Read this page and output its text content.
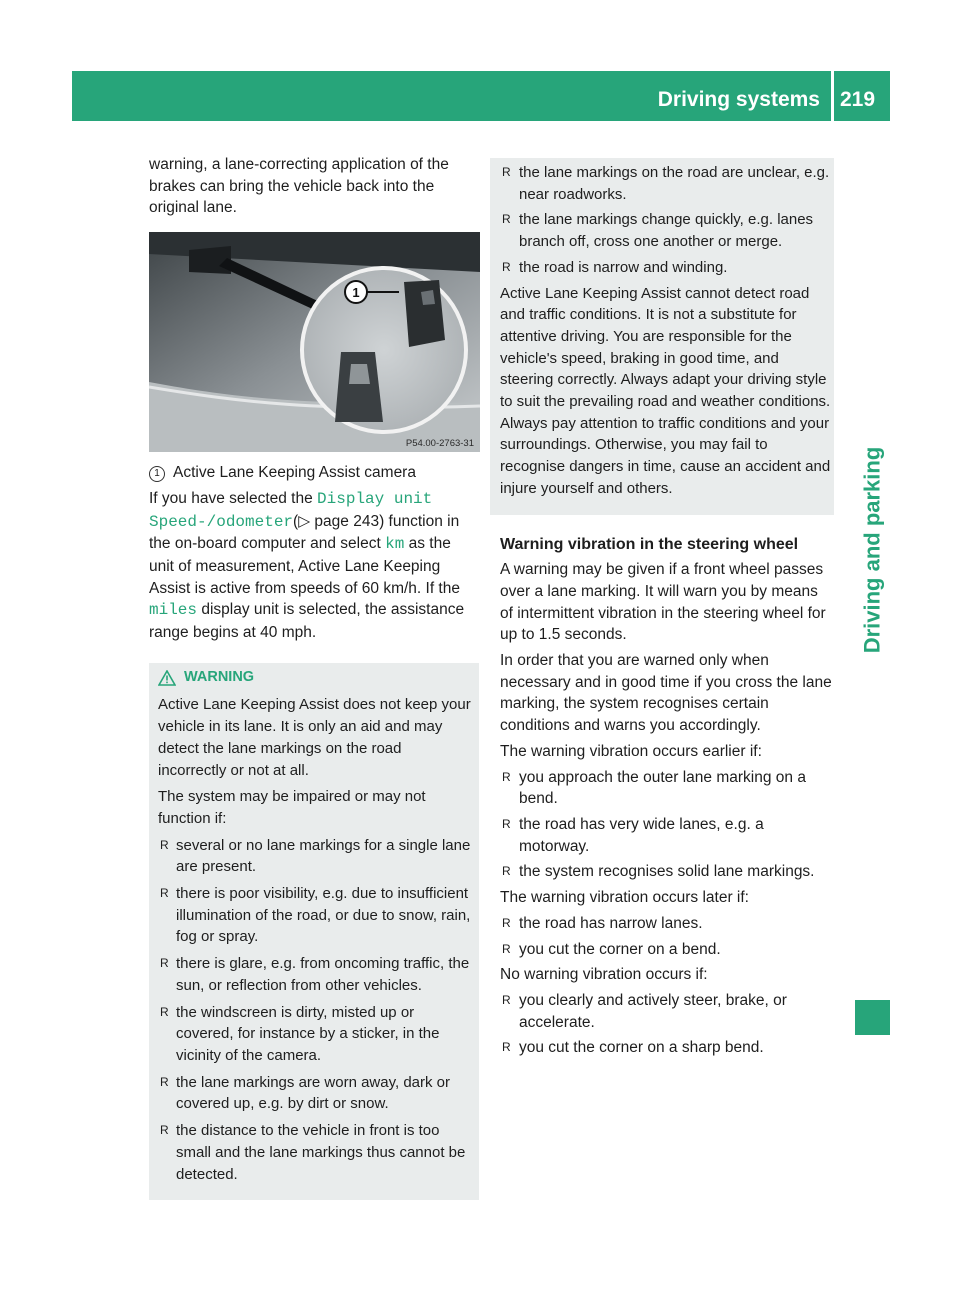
Driving systems 219
Driving and parking

warning, a lane-correcting application of the brakes can bring the vehicle back into the original lane.

1
P54.00-2763-31

1 Active Lane Keeping Assist camera

If you have selected the Display unit Speed-/odometer(▷ page 243) function in the on-board computer and select km as the unit of measurement, Active Lane Keeping Assist is active from speeds of 60 km/h. If the miles display unit is selected, the assistance range begins at 40 mph.

WARNING

Active Lane Keeping Assist does not keep your vehicle in its lane. It is only an aid and may detect the lane markings on the road incorrectly or not at all.

The system may be impaired or may not function if:

R several or no lane markings for a single lane are present.
R there is poor visibility, e.g. due to insufficient illumination of the road, or due to snow, rain, fog or spray.
R there is glare, e.g. from oncoming traffic, the sun, or reflection from other vehicles.
R the windscreen is dirty, misted up or covered, for instance by a sticker, in the vicinity of the camera.
R the lane markings are worn away, dark or covered up, e.g. by dirt or snow.
R the distance to the vehicle in front is too small and the lane markings thus cannot be detected.
R the lane markings on the road are unclear, e.g. near roadworks.
R the lane markings change quickly, e.g. lanes branch off, cross one another or merge.
R the road is narrow and winding.

Active Lane Keeping Assist cannot detect road and traffic conditions. It is not a substitute for attentive driving. You are responsible for the vehicle's speed, braking in good time, and steering correctly. Always adapt your driving style to suit the prevailing road and weather conditions. Always pay attention to traffic conditions and your surroundings. Otherwise, you may fail to recognise dangers in time, cause an accident and injure yourself and others.

Warning vibration in the steering wheel

A warning may be given if a front wheel passes over a lane marking. It will warn you by means of intermittent vibration in the steering wheel for up to 1.5 seconds.

In order that you are warned only when necessary and in good time if you cross the lane marking, the system recognises certain conditions and warns you accordingly.

The warning vibration occurs earlier if:

R you approach the outer lane marking on a bend.
R the road has very wide lanes, e.g. a motorway.
R the system recognises solid lane markings.

The warning vibration occurs later if:

R the road has narrow lanes.
R you cut the corner on a bend.

No warning vibration occurs if:

R you clearly and actively steer, brake, or accelerate.
R you cut the corner on a sharp bend.
